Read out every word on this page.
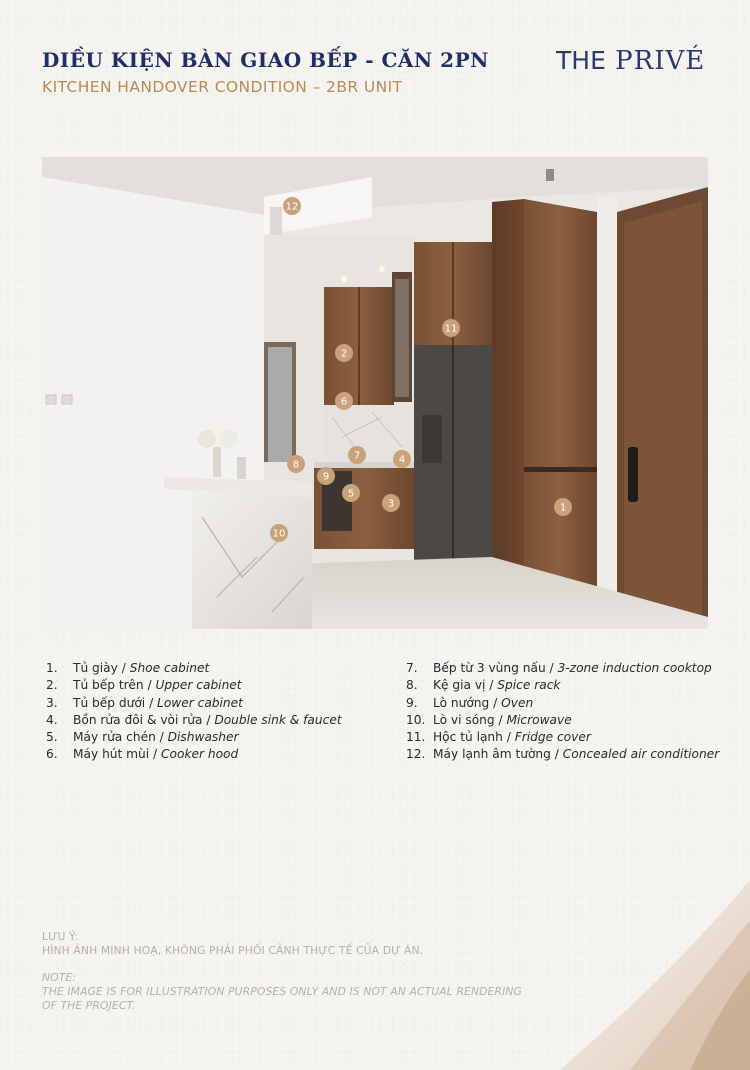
DIỀU KIỆN BÀN GIAO BẾP - CĂN 2PN
KITCHEN HANDOVER CONDITION – 2BR UNIT
THE PRIVÉ
12
11
2
6
7	4
8
9
5
3
10
1
1. Tủ giày / Shoe cabinet
2. Tủ bếp trên / Upper cabinet
3. Tủ bếp dưới / Lower cabinet
4. Bồn rửa đôi & vòi rửa / Double sink & faucet
5. Máy rửa chén / Dishwasher
6. Máy hút mùi / Cooker hood
7. Bếp từ 3 vùng nấu / 3-zone induction cooktop
8. Kệ gia vị / Spice rack
9. Lò nướng / Oven
10. Lò vi sóng / Microwave
11. Hộc tủ lạnh / Fridge cover
12. Máy lạnh âm tường / Concealed air conditioner
LƯU Ý:
HÌNH ẢNH MINH HOẠ, KHÔNG PHẢI PHỐI CẢNH THỰC TẾ CỦA DỰ ÁN.
NOTE:
THE IMAGE IS FOR ILLUSTRATION PURPOSES ONLY AND IS NOT AN ACTUAL RENDERING
OF THE PROJECT.
